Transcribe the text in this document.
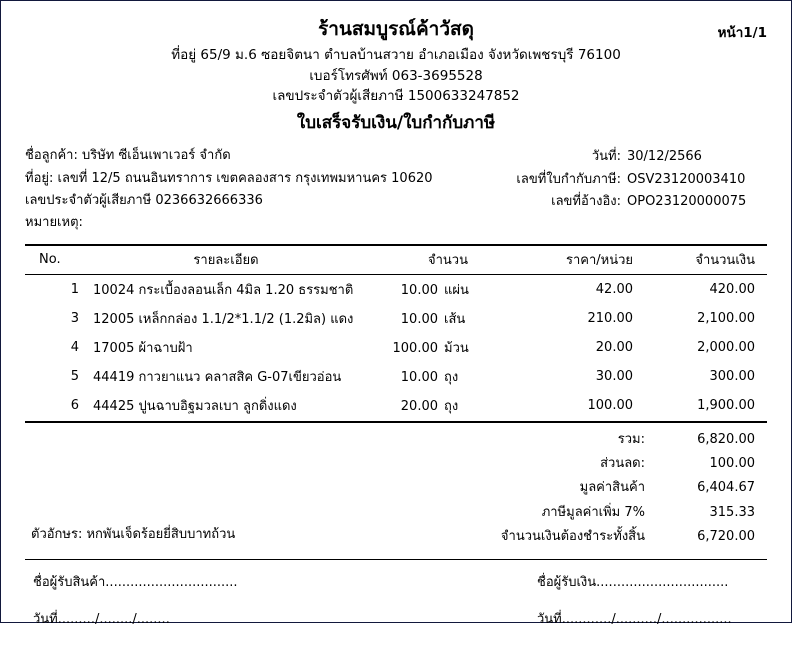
หน้า1/1
ร้านสมบูรณ์ค้าวัสดุ
ที่อยู่ 65/9 ม.6 ซอยจิตนา ตำบลบ้านสวาย อำเภอเมือง จังหวัดเพชรบุรี 76100
เบอร์โทรศัพท์ 063-3695528
เลขประจำตัวผู้เสียภาษี 1500633247852
ใบเสร็จรับเงิน/ใบกำกับภาษี
ชื่อลูกค้า: บริษัท ซีเอ็นเพาเวอร์ จำกัด
ที่อยู่: เลขที่ 12/5 ถนนอินทราการ เขตคลองสาร กรุงเทพมหานคร 10620
เลขประจำตัวผู้เสียภาษี 0236632666336
หมายเหตุ:
วันที่: 30/12/2566
เลขที่ใบกำกับภาษี: OSV23120003410
เลขที่อ้างอิง: OPO23120000075
No.	รายละเอียด	จำนวน	ราคา/หน่วย	จำนวนเงิน
1	10024 กระเบื้องลอนเล็ก 4มิล 1.20 ธรรมชาติ	10.00 แผ่น	42.00	420.00
3	12005 เหล็กกล่อง 1.1/2*1.1/2 (1.2มิล) แดง	10.00 เส้น	210.00	2,100.00
4	17005 ผ้าฉาบฝ้า	100.00 ม้วน	20.00	2,000.00
5	44419 กาวยาแนว คลาสสิค G-07เขียวอ่อน	10.00 ถุง	30.00	300.00
6	44425 ปูนฉาบอิฐมวลเบา ลูกดิ่งแดง	20.00 ถุง	100.00	1,900.00
รวม:	6,820.00
ส่วนลด:	100.00
มูลค่าสินค้า	6,404.67
ภาษีมูลค่าเพิ่ม 7%	315.33
จำนวนเงินต้องชำระทั้งสิ้น	6,720.00
ตัวอักษร: หกพันเจ็ดร้อยยี่สิบบาทถ้วน
ชื่อผู้รับสินค้า................................
วันที่........./......../........
ชื่อผู้รับเงิน................................
วันที่............/........../.................
